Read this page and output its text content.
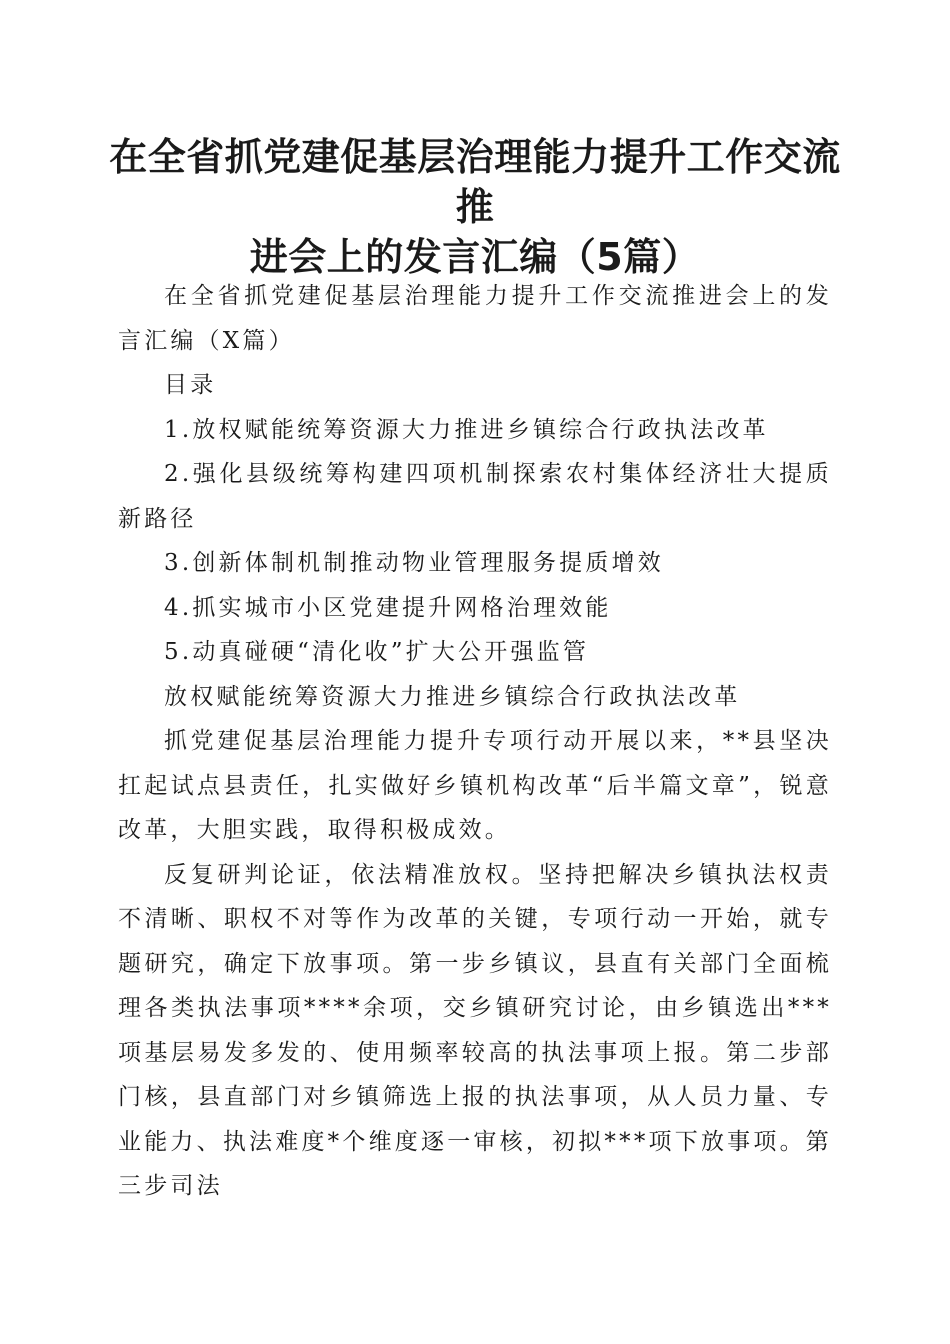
在全省抓党建促基层治理能力提升工作交流推
进会上的发言汇编（5篇）

在全省抓党建促基层治理能力提升工作交流推进会上的发言汇编（X篇）

目录

1.放权赋能统筹资源大力推进乡镇综合行政执法改革

2.强化县级统筹构建四项机制探索农村集体经济壮大提质新路径

3.创新体制机制推动物业管理服务提质增效

4.抓实城市小区党建提升网格治理效能

5.动真碰硬“清化收”扩大公开强监管

放权赋能统筹资源大力推进乡镇综合行政执法改革

抓党建促基层治理能力提升专项行动开展以来，**县坚决扛起试点县责任，扎实做好乡镇机构改革“后半篇文章”，锐意改革，大胆实践，取得积极成效。

反复研判论证，依法精准放权。坚持把解决乡镇执法权责不清晰、职权不对等作为改革的关键，专项行动一开始，就专题研究，确定下放事项。第一步乡镇议，县直有关部门全面梳理各类执法事项****余项，交乡镇研究讨论，由乡镇选出***项基层易发多发的、使用频率较高的执法事项上报。第二步部门核，县直部门对乡镇筛选上报的执法事项，从人员力量、专业能力、执法难度*个维度逐一审核，初拟***项下放事项。第三步司法
